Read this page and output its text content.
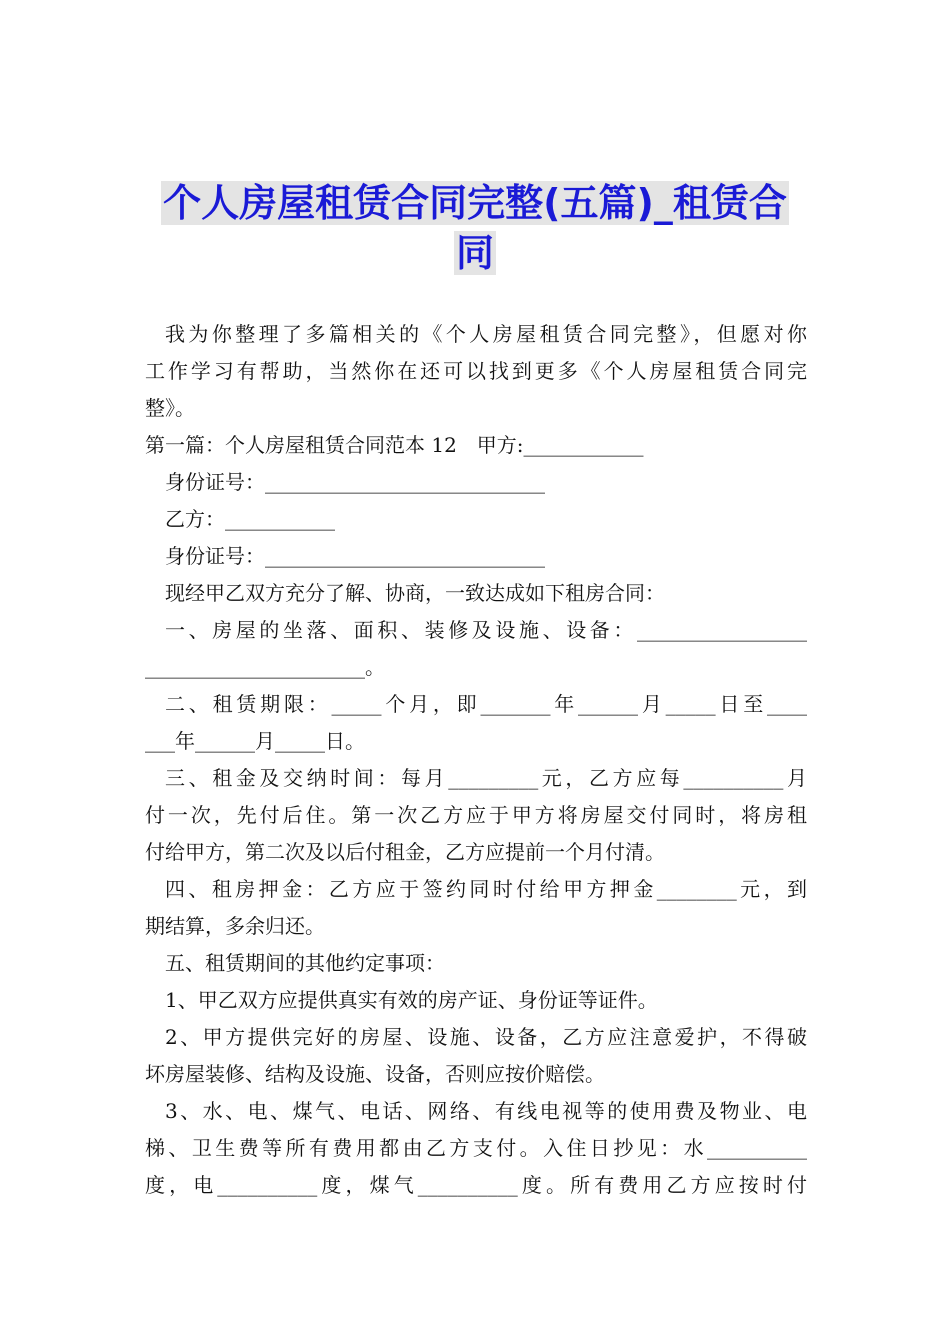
个人房屋租赁合同完整(五篇)_租赁合
同
我为你整理了多篇相关的《个人房屋租赁合同完整》，但愿对你
工作学习有帮助，当然你在还可以找到更多《个人房屋租赁合同完
整》。
第一篇：个人房屋租赁合同范本 12　甲方:____________
身份证号：____________________________
乙方：___________
身份证号：____________________________
现经甲乙双方充分了解、协商，一致达成如下租房合同：
一、房屋的坐落、面积、装修及设施、设备：_________________
______________________。
二、租赁期限：_____个月，即_______年______月_____日至____
___年______月_____日。
三、租金及交纳时间：每月_________元，乙方应每__________月
付一次，先付后住。第一次乙方应于甲方将房屋交付同时，将房租
付给甲方，第二次及以后付租金，乙方应提前一个月付清。
四、租房押金：乙方应于签约同时付给甲方押金________元，到
期结算，多余归还。
五、租赁期间的其他约定事项：
1、甲乙双方应提供真实有效的房产证、身份证等证件。
2、甲方提供完好的房屋、设施、设备，乙方应注意爱护，不得破
坏房屋装修、结构及设施、设备，否则应按价赔偿。
3、水、电、煤气、电话、网络、有线电视等的使用费及物业、电
梯、卫生费等所有费用都由乙方支付。入住日抄见：水__________
度，电__________度，煤气__________度。所有费用乙方应按时付
